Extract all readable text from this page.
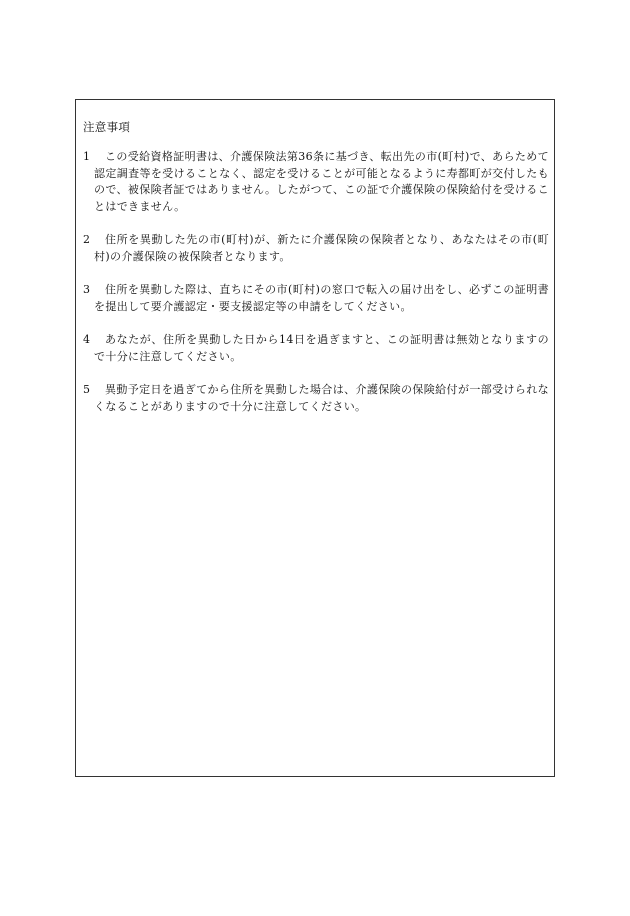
注意事項
1	この受給資格証明書は、介護保険法第36条に基づき、転出先の市(町村)で、あらためて認定調査等を受けることなく、認定を受けることが可能となるように寿都町が交付したもので、被保険者証ではありません。したがつて、この証で介護保険の保険給付を受けることはできません。
2	住所を異動した先の市(町村)が、新たに介護保険の保険者となり、あなたはその市(町村)の介護保険の被保険者となります。
3	住所を異動した際は、直ちにその市(町村)の窓口で転入の届け出をし、必ずこの証明書を提出して要介護認定・要支援認定等の申請をしてください。
4	あなたが、住所を異動した日から14日を過ぎますと、この証明書は無効となりますので十分に注意してください。
5	異動予定日を過ぎてから住所を異動した場合は、介護保険の保険給付が一部受けられなくなることがありますので十分に注意してください。
